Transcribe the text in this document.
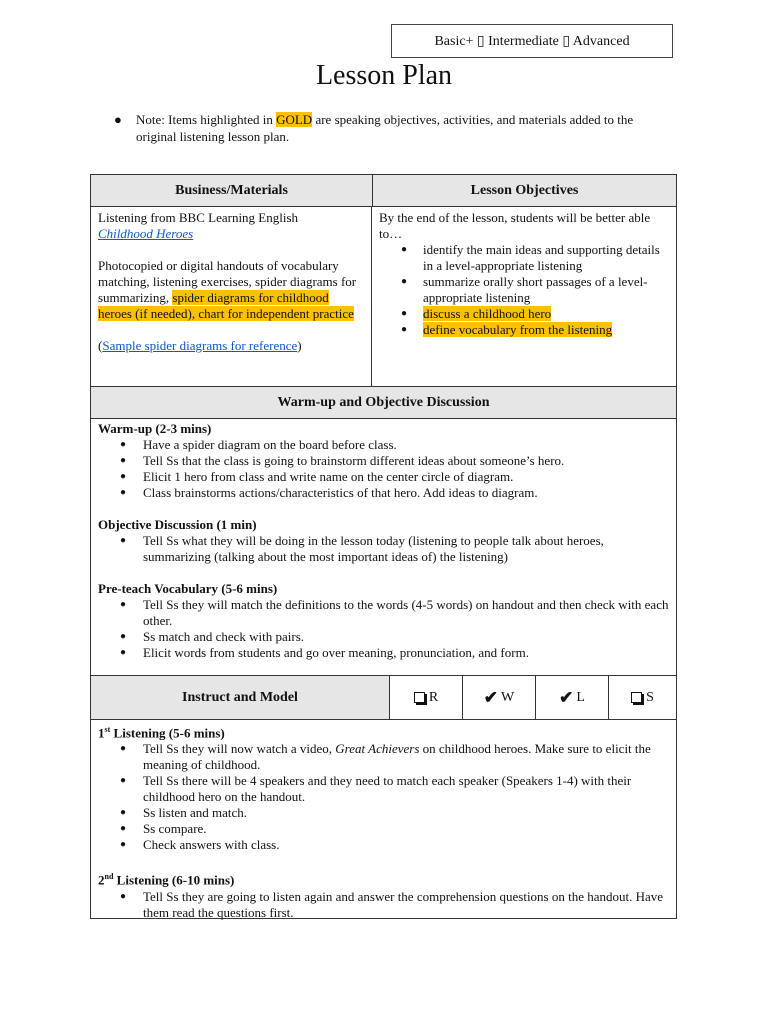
Basic+ ▯ Intermediate ▯ Advanced
Lesson Plan
● Note: Items highlighted in GOLD are speaking objectives, activities, and materials added to the original listening lesson plan.
Business/Materials	Lesson Objectives
Listening from BBC Learning English
Childhood Heroes
Photocopied or digital handouts of vocabulary matching, listening exercises, spider diagrams for summarizing, spider diagrams for childhood heroes (if needed), chart for independent practice
(Sample spider diagrams for reference)
By the end of the lesson, students will be better able to…
● identify the main ideas and supporting details in a level-appropriate listening
● summarize orally short passages of a level-appropriate listening
● discuss a childhood hero
● define vocabulary from the listening
Warm-up and Objective Discussion
Warm-up (2-3 mins)
● Have a spider diagram on the board before class.
● Tell Ss that the class is going to brainstorm different ideas about someone’s hero.
● Elicit 1 hero from class and write name on the center circle of diagram.
● Class brainstorms actions/characteristics of that hero. Add ideas to diagram.
Objective Discussion (1 min)
● Tell Ss what they will be doing in the lesson today (listening to people talk about heroes, summarizing (talking about the most important ideas of) the listening)
Pre-teach Vocabulary (5-6 mins)
● Tell Ss they will match the definitions to the words (4-5 words) on handout and then check with each other.
● Ss match and check with pairs.
● Elicit words from students and go over meaning, pronunciation, and form.
Instruct and Model	R	✔ W	✔ L	S
1st Listening (5-6 mins)
● Tell Ss they will now watch a video, Great Achievers on childhood heroes. Make sure to elicit the meaning of childhood.
● Tell Ss there will be 4 speakers and they need to match each speaker (Speakers 1-4) with their childhood hero on the handout.
● Ss listen and match.
● Ss compare.
● Check answers with class.
2nd Listening (6-10 mins)
● Tell Ss they are going to listen again and answer the comprehension questions on the handout. Have them read the questions first.
